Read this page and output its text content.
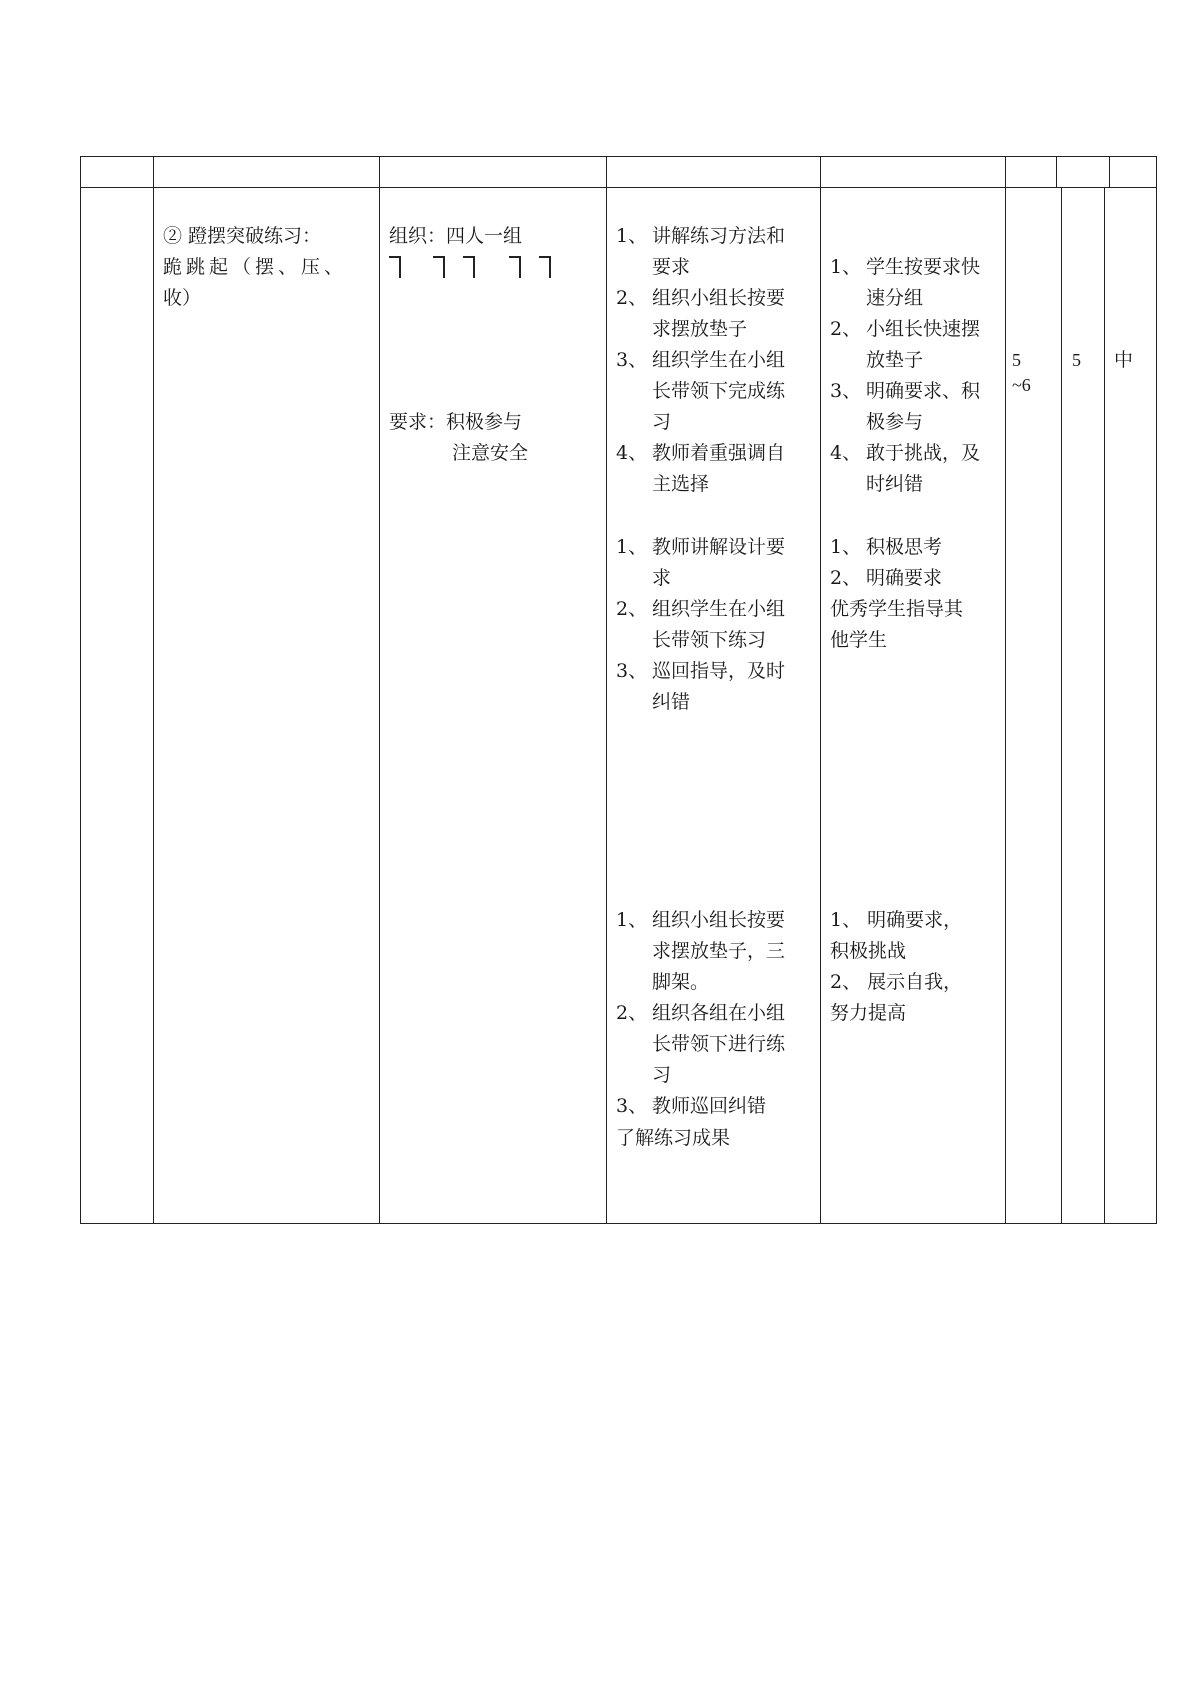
② 蹬摆突破练习：
跪跳起（摆、压、
收）
组织：四人一组
要求：积极参与
注意安全
1、 讲解练习方法和
要求
2、 组织小组长按要
求摆放垫子
3、 组织学生在小组
长带领下完成练
习
4、 教师着重强调自
主选择
1、 教师讲解设计要
求
2、 组织学生在小组
长带领下练习
3、 巡回指导，及时
纠错
1、 组织小组长按要
求摆放垫子，三
脚架。
2、 组织各组在小组
长带领下进行练
习
3、 教师巡回纠错
了解练习成果
1、 学生按要求快
速分组
2、 小组长快速摆
放垫子
3、 明确要求、积
极参与
4、 敢于挑战，及
时纠错
1、 积极思考
2、 明确要求
优秀学生指导其
他学生
1、 明确要求，
积极挑战
2、 展示自我，
努力提高
5
~6
5 中
